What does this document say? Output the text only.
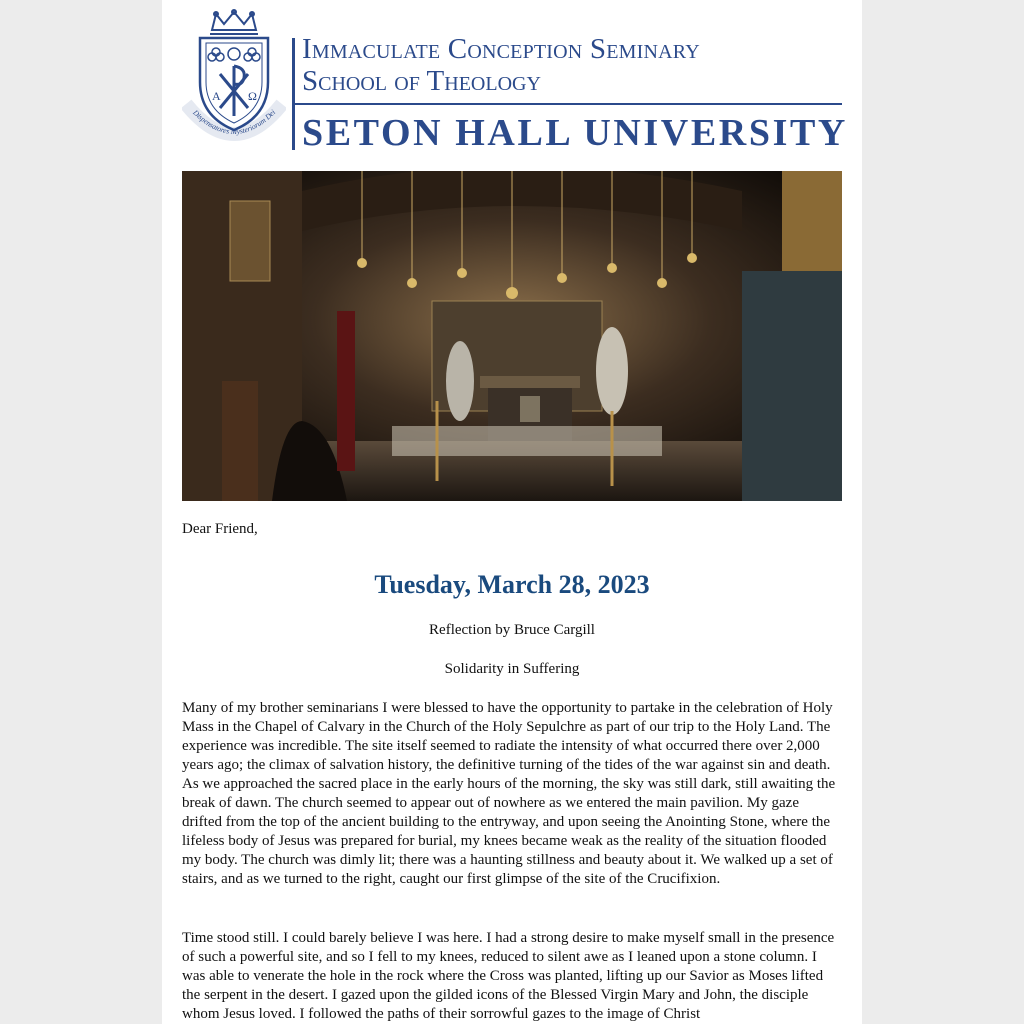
A Ω
Dispensatores Mysteriorum Dei
Immaculate Conception Seminary
School of Theology
SETON HALL UNIVERSITY
Dear Friend,
Tuesday, March 28, 2023
Reflection by Bruce Cargill
Solidarity in Suffering

Many of my brother seminarians I were blessed to have the opportunity to partake in the celebration of Holy Mass in the Chapel of Calvary in the Church of the Holy Sepulchre as part of our trip to the Holy Land. The experience was incredible. The site itself seemed to radiate the intensity of what occurred there over 2,000 years ago; the climax of salvation history, the definitive turning of the tides of the war against sin and death. As we approached the sacred place in the early hours of the morning, the sky was still dark, still awaiting the break of dawn. The church seemed to appear out of nowhere as we entered the main pavilion. My gaze drifted from the top of the ancient building to the entryway, and upon seeing the Anointing Stone, where the lifeless body of Jesus was prepared for burial, my knees became weak as the reality of the situation flooded my body. The church was dimly lit; there was a haunting stillness and beauty about it. We walked up a set of stairs, and as we turned to the right, caught our first glimpse of the site of the Crucifixion.

Time stood still. I could barely believe I was here. I had a strong desire to make myself small in the presence of such a powerful site, and so I fell to my knees, reduced to silent awe as I leaned upon a stone column. I was able to venerate the hole in the rock where the Cross was planted, lifting up our Savior as Moses lifted the serpent in the desert. I gazed upon the gilded icons of the Blessed Virgin Mary and John, the disciple whom Jesus loved. I followed the paths of their sorrowful gazes to the image of Christ
